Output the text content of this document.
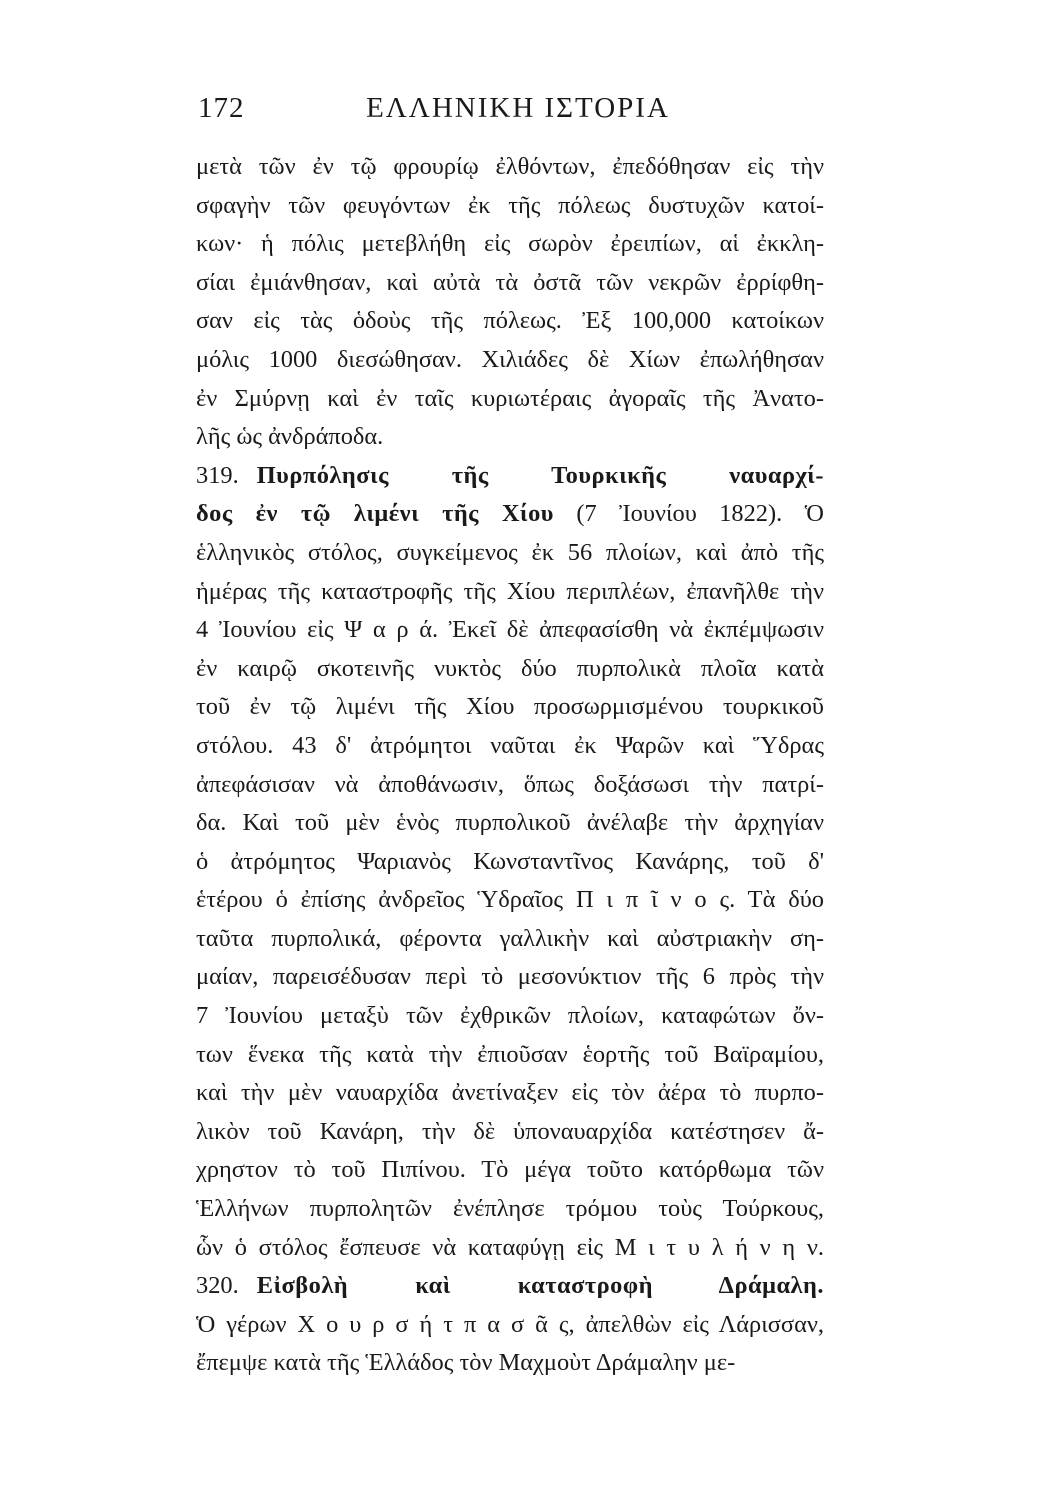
172	ΕΛΛΗΝΙΚΗ ΙΣΤΟΡΙΑ
μετὰ τῶν ἐν τῷ φρουρίῳ ἐλθόντων, ἐπεδόθησαν εἰς τὴν
σφαγὴν τῶν φευγόντων ἐκ τῆς πόλεως δυστυχῶν κατοί-
κων· ἡ πόλις μετεβλήθη εἰς σωρὸν ἐρειπίων, αἱ ἐκκλη-
σίαι ἐμιάνθησαν, καὶ αὐτὰ τὰ ὀστᾶ τῶν νεκρῶν ἐρρίφθη-
σαν εἰς τὰς ὁδοὺς τῆς πόλεως. Ἐξ 100,000 κατοίκων
μόλις 1000 διεσώθησαν. Χιλιάδες δὲ Χίων ἐπωλήθησαν
ἐν Σμύρνῃ καὶ ἐν ταῖς κυριωτέραις ἀγοραῖς τῆς Ἀνατο-
λῆς ὡς ἀνδράποδα.
319. Πυρπόλησις τῆς Τουρκικῆς ναυαρχί-
δος ἐν τῷ λιμένι τῆς Χίου (7 Ἰουνίου 1822). Ὁ
ἑλληνικὸς στόλος, συγκείμενος ἐκ 56 πλοίων, καὶ ἀπὸ τῆς
ἡμέρας τῆς καταστροφῆς τῆς Χίου περιπλέων, ἐπανῆλθε τὴν
4 Ἰουνίου εἰς Ψ α ρ ά. Ἐκεῖ δὲ ἀπεφασίσθη νὰ ἐκπέμψωσιν
ἐν καιρῷ σκοτεινῆς νυκτὸς δύο πυρπολικὰ πλοῖα κατὰ
τοῦ ἐν τῷ λιμένι τῆς Χίου προσωρμισμένου τουρκικοῦ
στόλου. 43 δ' ἀτρόμητοι ναῦται ἐκ Ψαρῶν καὶ Ὕδρας
ἀπεφάσισαν νὰ ἀποθάνωσιν, ὅπως δοξάσωσι τὴν πατρί-
δα. Καὶ τοῦ μὲν ἑνὸς πυρπολικοῦ ἀνέλαβε τὴν ἀρχηγίαν
ὁ ἀτρόμητος Ψαριανὸς Κωνσταντῖνος Κανάρης, τοῦ δ'
ἑτέρου ὁ ἐπίσης ἀνδρεῖος Ὑδραῖος Π ι π ῖ ν ο ς. Τὰ δύο
ταῦτα πυρπολικά, φέροντα γαλλικὴν καὶ αὐστριακὴν ση-
μαίαν, παρεισέδυσαν περὶ τὸ μεσονύκτιον τῆς 6 πρὸς τὴν
7 Ἰουνίου μεταξὺ τῶν ἐχθρικῶν πλοίων, καταφώτων ὄν-
των ἕνεκα τῆς κατὰ τὴν ἐπιοῦσαν ἑορτῆς τοῦ Βαϊραμίου,
καὶ τὴν μὲν ναυαρχίδα ἀνετίναξεν εἰς τὸν ἀέρα τὸ πυρπο-
λικὸν τοῦ Κανάρη, τὴν δὲ ὑποναυαρχίδα κατέστησεν ἄ-
χρηστον τὸ τοῦ Πιπίνου. Τὸ μέγα τοῦτο κατόρθωμα τῶν
Ἑλλήνων πυρπολητῶν ἐνέπλησε τρόμου τοὺς Τούρκους,
ὧν ὁ στόλος ἔσπευσε νὰ καταφύγῃ εἰς Μ ι τ υ λ ή ν η ν.
320. Εἰσβολὴ καὶ καταστροφὴ Δράμαλη.
Ὁ γέρων Χ ο υ ρ σ ή τ π α σ ᾶ ς, ἀπελθὼν εἰς Λάρισσαν,
ἔπεμψε κατὰ τῆς Ἑλλάδος τὸν Μαχμοὺτ Δράμαλην με-
